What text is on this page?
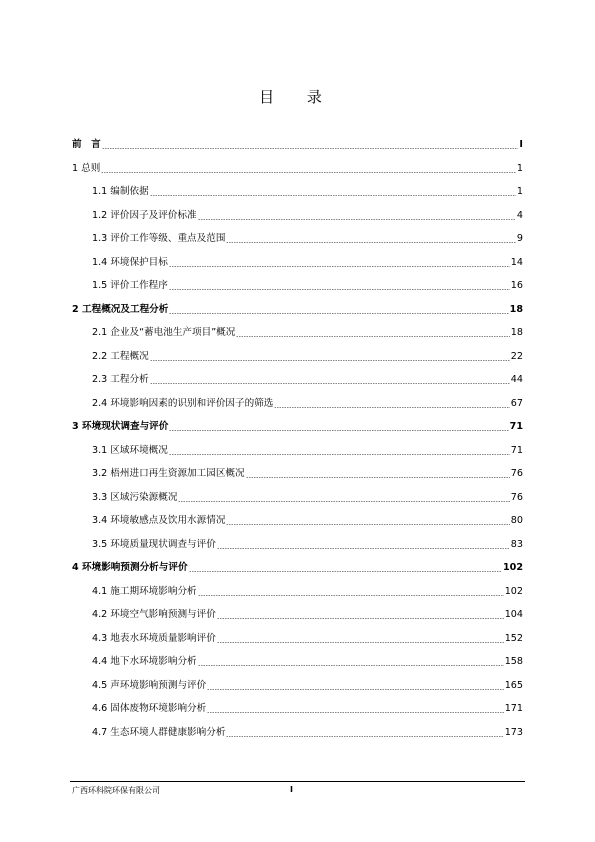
目 录
前　言	I
1 总则	1
1.1 编制依据	1
1.2 评价因子及评价标准	4
1.3 评价工作等级、重点及范围	9
1.4 环境保护目标	14
1.5 评价工作程序	16
2 工程概况及工程分析	18
2.1 企业及“蓄电池生产项目”概况	18
2.2 工程概况	22
2.3 工程分析	44
2.4 环境影响因素的识别和评价因子的筛选	67
3 环境现状调查与评价	71
3.1 区域环境概况	71
3.2 梧州进口再生资源加工园区概况	76
3.3 区域污染源概况	76
3.4 环境敏感点及饮用水源情况	80
3.5 环境质量现状调查与评价	83
4 环境影响预测分析与评价	102
4.1 施工期环境影响分析	102
4.2 环境空气影响预测与评价	104
4.3 地表水环境质量影响评价	152
4.4 地下水环境影响分析	158
4.5 声环境影响预测与评价	165
4.6 固体废物环境影响分析	171
4.7 生态环境人群健康影响分析	173
广西环科院环保有限公司	I
